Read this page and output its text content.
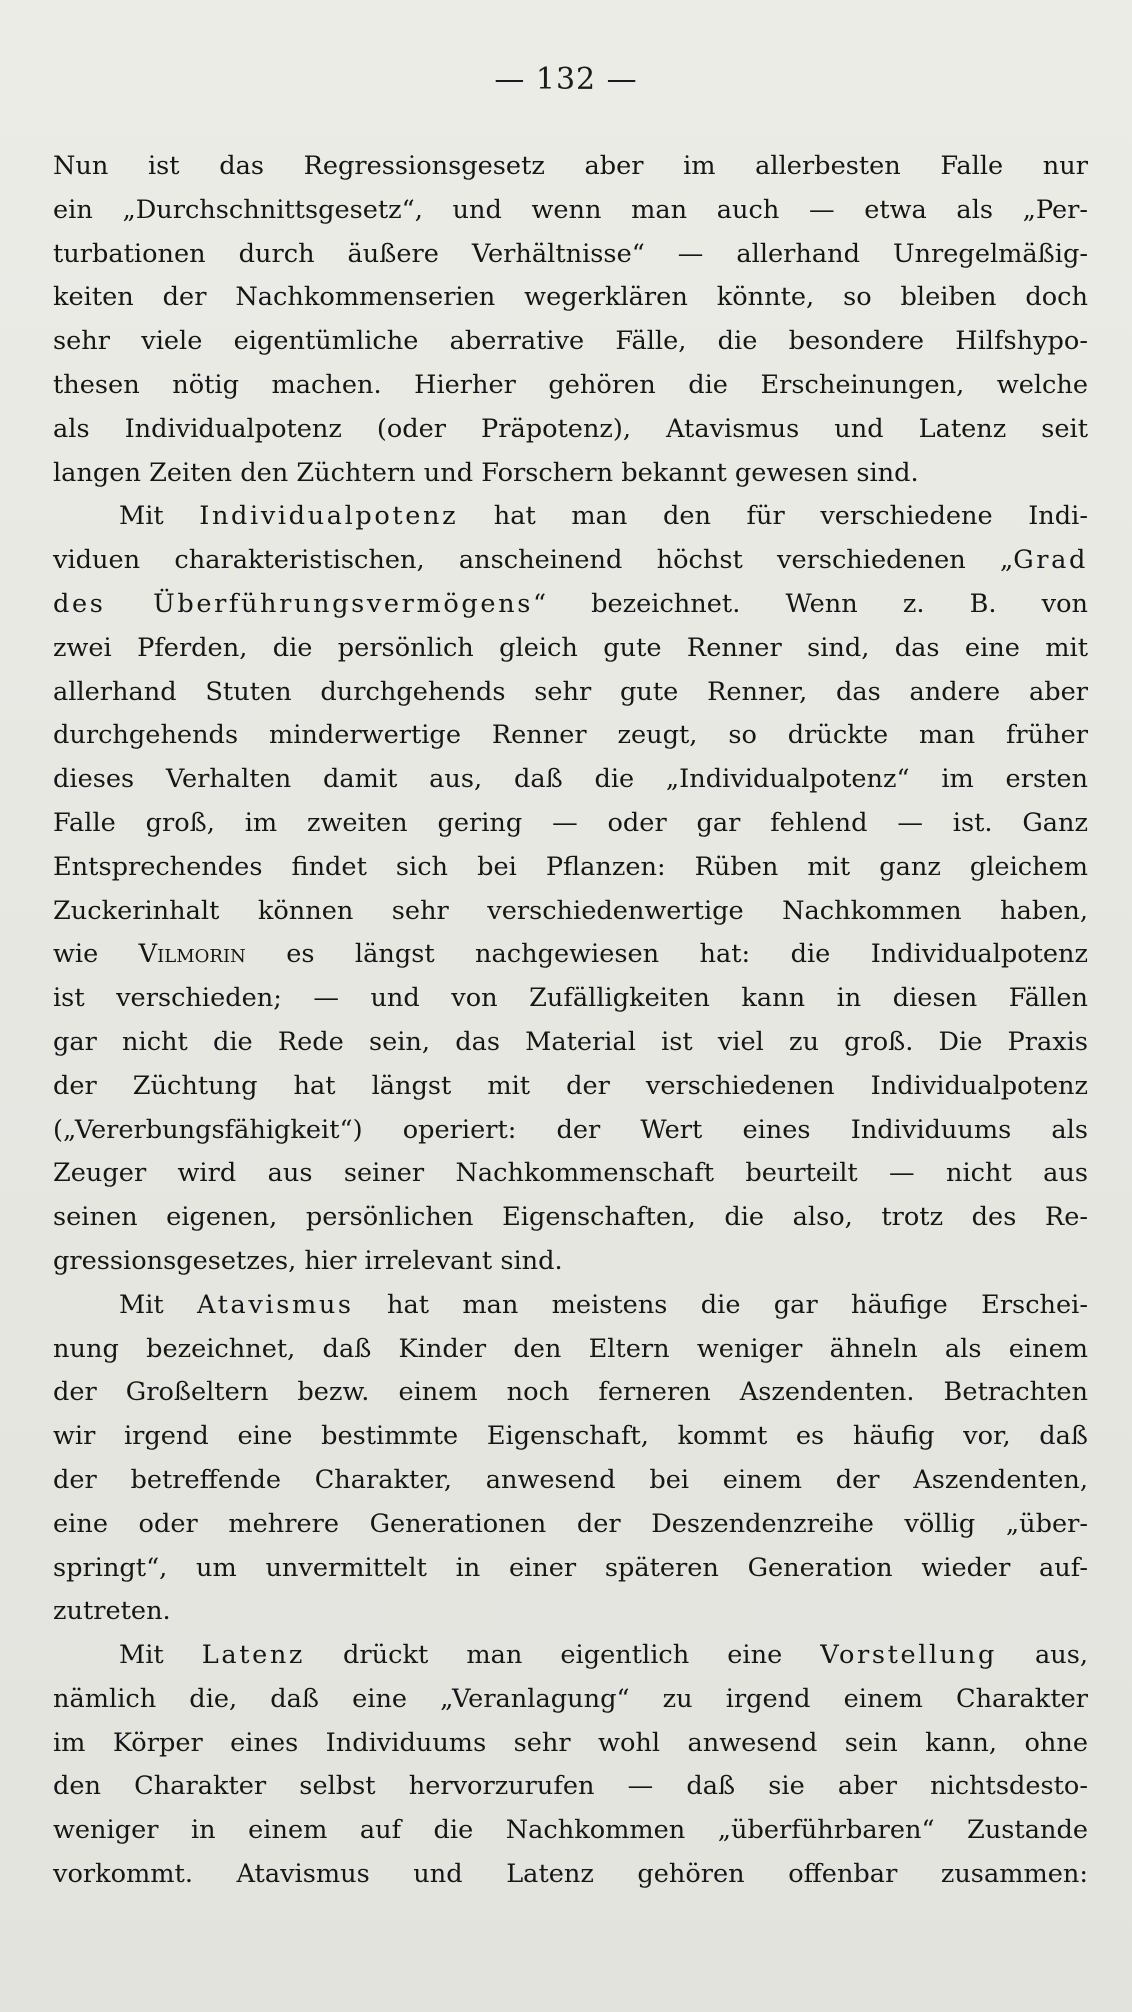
— 132 —
Nun ist das Regressionsgesetz aber im allerbesten Falle nur
ein „Durchschnittsgesetz“, und wenn man auch — etwa als „Per-
turbationen durch äußere Verhältnisse“ — allerhand Unregelmäßig-
keiten der Nachkommenserien wegerklären könnte, so bleiben doch
sehr viele eigentümliche aberrative Fälle, die besondere Hilfshypo-
thesen nötig machen. Hierher gehören die Erscheinungen, welche
als Individualpotenz (oder Präpotenz), Atavismus und Latenz seit
langen Zeiten den Züchtern und Forschern bekannt gewesen sind.
Mit Individualpotenz hat man den für verschiedene Indi-
viduen charakteristischen, anscheinend höchst verschiedenen „Grad
des Überführungsvermögens“ bezeichnet. Wenn z. B. von
zwei Pferden, die persönlich gleich gute Renner sind, das eine mit
allerhand Stuten durchgehends sehr gute Renner, das andere aber
durchgehends minderwertige Renner zeugt, so drückte man früher
dieses Verhalten damit aus, daß die „Individualpotenz“ im ersten
Falle groß, im zweiten gering — oder gar fehlend — ist. Ganz
Entsprechendes findet sich bei Pflanzen: Rüben mit ganz gleichem
Zuckerinhalt können sehr verschiedenwertige Nachkommen haben,
wie Vilmorin es längst nachgewiesen hat: die Individualpotenz
ist verschieden; — und von Zufälligkeiten kann in diesen Fällen
gar nicht die Rede sein, das Material ist viel zu groß. Die Praxis
der Züchtung hat längst mit der verschiedenen Individualpotenz
(„Vererbungsfähigkeit“) operiert: der Wert eines Individuums als
Zeuger wird aus seiner Nachkommenschaft beurteilt — nicht aus
seinen eigenen, persönlichen Eigenschaften, die also, trotz des Re-
gressionsgesetzes, hier irrelevant sind.
Mit Atavismus hat man meistens die gar häufige Erschei-
nung bezeichnet, daß Kinder den Eltern weniger ähneln als einem
der Großeltern bezw. einem noch ferneren Aszendenten. Betrachten
wir irgend eine bestimmte Eigenschaft, kommt es häufig vor, daß
der betreffende Charakter, anwesend bei einem der Aszendenten,
eine oder mehrere Generationen der Deszendenzreihe völlig „über-
springt“, um unvermittelt in einer späteren Generation wieder auf-
zutreten.
Mit Latenz drückt man eigentlich eine Vorstellung aus,
nämlich die, daß eine „Veranlagung“ zu irgend einem Charakter
im Körper eines Individuums sehr wohl anwesend sein kann, ohne
den Charakter selbst hervorzurufen — daß sie aber nichtsdesto-
weniger in einem auf die Nachkommen „überführbaren“ Zustande
vorkommt. Atavismus und Latenz gehören offenbar zusammen:
